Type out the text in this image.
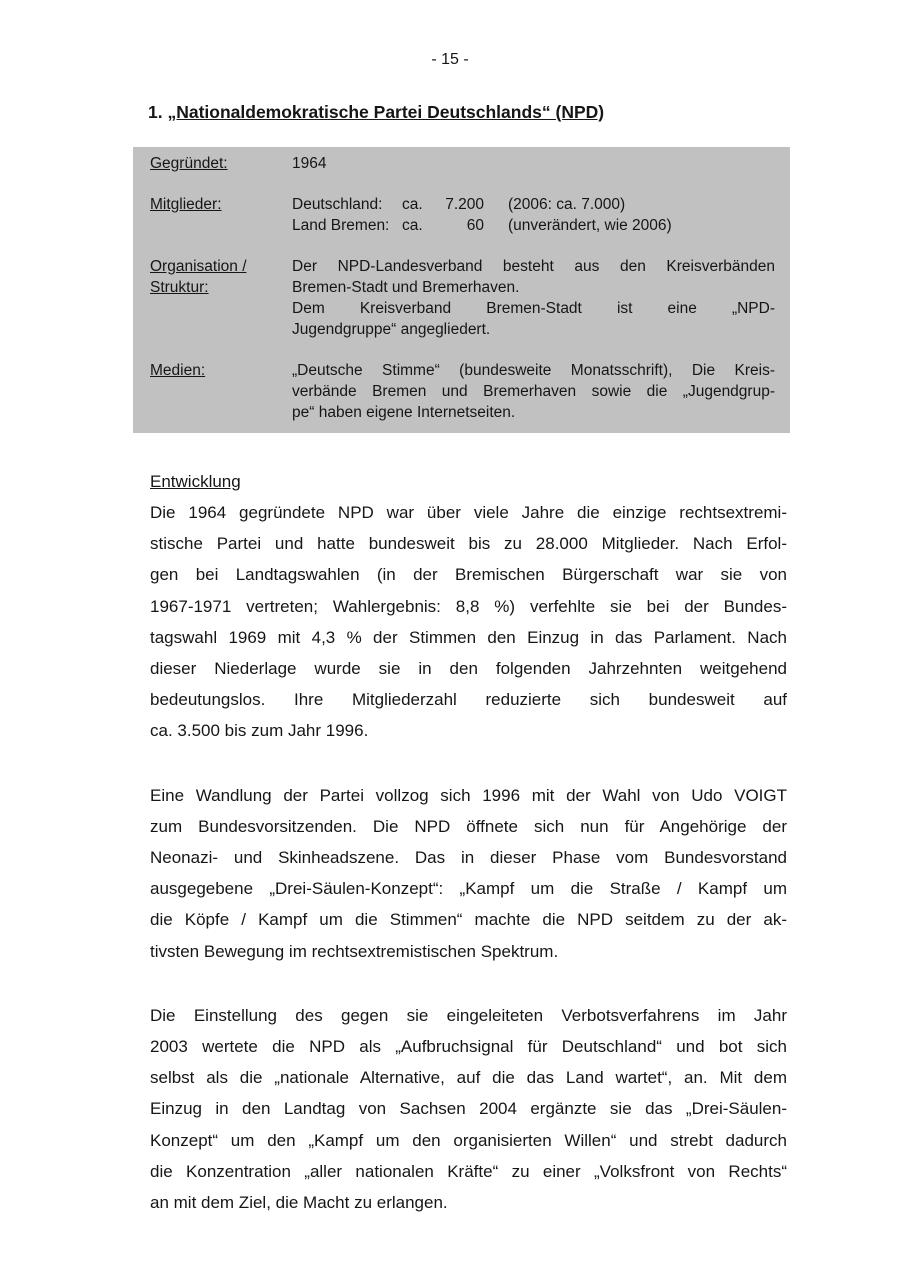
- 15 -
1. „Nationaldemokratische Partei Deutschlands“ (NPD)
Gegründet:	1964
Mitglieder:	Deutschland:	ca.	7.200 (2006: ca. 7.000)
Land Bremen: ca.	60 (unverändert, wie 2006)
Organisation /
Struktur:
Der NPD-Landesverband besteht aus den Kreisverbänden
Bremen-Stadt und Bremerhaven.
Dem Kreisverband Bremen-Stadt ist eine „NPD-
Jugendgruppe“ angegliedert.
Medien:	„Deutsche Stimme“ (bundesweite Monatsschrift), Die Kreis-
verbände Bremen und Bremerhaven sowie die „Jugendgrup-
pe“ haben eigene Internetseiten.
Entwicklung
Die 1964 gegründete NPD war über viele Jahre die einzige rechtsextremi-
stische Partei und hatte bundesweit bis zu 28.000 Mitglieder. Nach Erfol-
gen bei Landtagswahlen (in der Bremischen Bürgerschaft war sie von
1967-1971 vertreten; Wahlergebnis: 8,8 %) verfehlte sie bei der Bundes-
tagswahl 1969 mit 4,3 % der Stimmen den Einzug in das Parlament. Nach
dieser Niederlage wurde sie in den folgenden Jahrzehnten weitgehend
bedeutungslos. Ihre Mitgliederzahl reduzierte sich bundesweit auf
ca. 3.500 bis zum Jahr 1996.
Eine Wandlung der Partei vollzog sich 1996 mit der Wahl von Udo VOIGT
zum Bundesvorsitzenden. Die NPD öffnete sich nun für Angehörige der
Neonazi- und Skinheadszene. Das in dieser Phase vom Bundesvorstand
ausgegebene „Drei-Säulen-Konzept“: „Kampf um die Straße / Kampf um
die Köpfe / Kampf um die Stimmen“ machte die NPD seitdem zu der ak-
tivsten Bewegung im rechtsextremistischen Spektrum.
Die Einstellung des gegen sie eingeleiteten Verbotsverfahrens im Jahr
2003 wertete die NPD als „Aufbruchsignal für Deutschland“ und bot sich
selbst als die „nationale Alternative, auf die das Land wartet“, an. Mit dem
Einzug in den Landtag von Sachsen 2004 ergänzte sie das „Drei-Säulen-
Konzept“ um den „Kampf um den organisierten Willen“ und strebt dadurch
die Konzentration „aller nationalen Kräfte“ zu einer „Volksfront von Rechts“
an mit dem Ziel, die Macht zu erlangen.
